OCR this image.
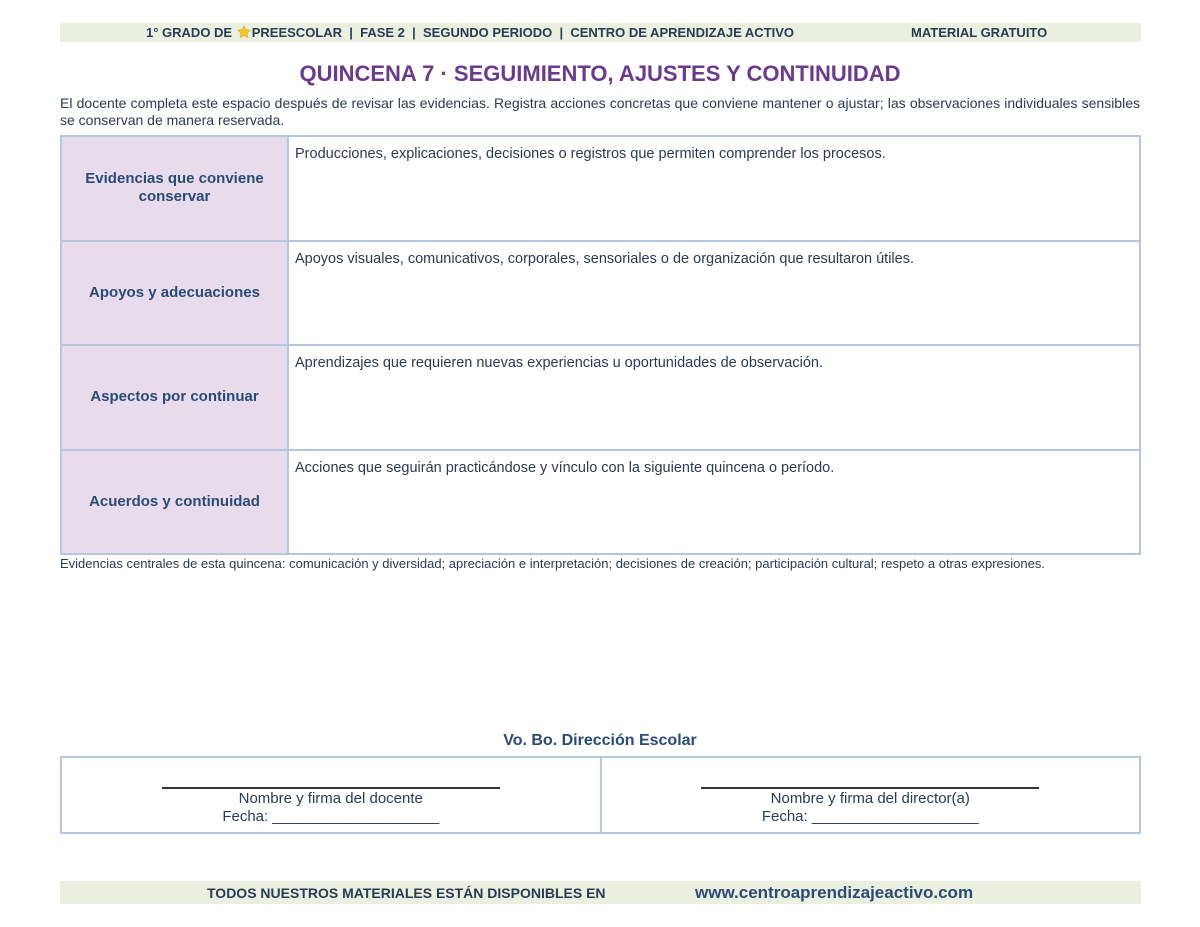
1° GRADO DE PREESCOLAR  |  FASE 2  |  SEGUNDO PERIODO  |  CENTRO DE APRENDIZAJE ACTIVO	MATERIAL GRATUITO
QUINCENA 7 · SEGUIMIENTO, AJUSTES Y CONTINUIDAD

El docente completa este espacio después de revisar las evidencias. Registra acciones concretas que conviene mantener o ajustar; las observaciones individuales sensibles se conservan de manera reservada.

Evidencias que conviene conservar	Producciones, explicaciones, decisiones o registros que permiten comprender los procesos.
Apoyos y adecuaciones	Apoyos visuales, comunicativos, corporales, sensoriales o de organización que resultaron útiles.
Aspectos por continuar	Aprendizajes que requieren nuevas experiencias u oportunidades de observación.
Acuerdos y continuidad	Acciones que seguirán practicándose y vínculo con la siguiente quincena o período.

Evidencias centrales de esta quincena: comunicación y diversidad; apreciación e interpretación; decisiones de creación; participación cultural; respeto a otras expresiones.

Vo. Bo. Dirección Escolar
Nombre y firma del docente
Fecha: ____________________

Nombre y firma del director(a)
Fecha: ____________________
TODOS NUESTROS MATERIALES ESTÁN DISPONIBLES EN	www.centroaprendizajeactivo.com
